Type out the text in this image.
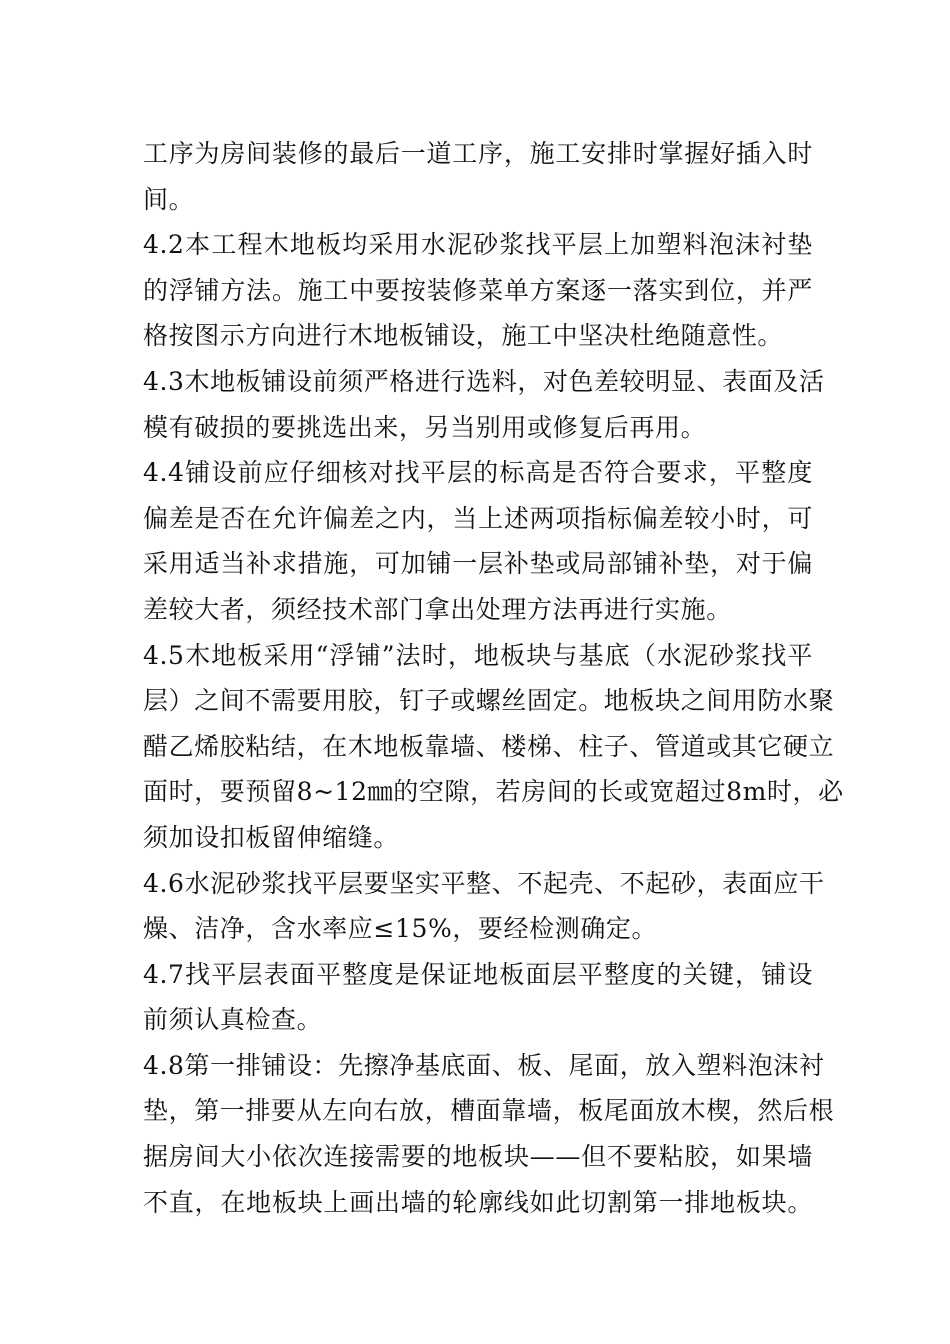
工序为房间装修的最后一道工序，施工安排时掌握好插入时
间。
4.2本工程木地板均采用水泥砂浆找平层上加塑料泡沫衬垫
的浮铺方法。施工中要按装修菜单方案逐一落实到位，并严
格按图示方向进行木地板铺设，施工中坚决杜绝随意性。
4.3木地板铺设前须严格进行选料，对色差较明显、表面及活
模有破损的要挑选出来，另当别用或修复后再用。
4.4铺设前应仔细核对找平层的标高是否符合要求，平整度
偏差是否在允许偏差之内，当上述两项指标偏差较小时，可
采用适当补求措施，可加铺一层补垫或局部铺补垫，对于偏
差较大者，须经技术部门拿出处理方法再进行实施。
4.5木地板采用“浮铺”法时，地板块与基底（水泥砂浆找平
层）之间不需要用胶，钉子或螺丝固定。地板块之间用防水聚
醋乙烯胶粘结，在木地板靠墙、楼梯、柱子、管道或其它硬立
面时，要预留8~12㎜的空隙，若房间的长或宽超过8m时，必
须加设扣板留伸缩缝。
4.6水泥砂浆找平层要坚实平整、不起壳、不起砂，表面应干
燥、洁净，含水率应≤15%，要经检测确定。
4.7找平层表面平整度是保证地板面层平整度的关键，铺设
前须认真检查。
4.8第一排铺设：先擦净基底面、板、尾面，放入塑料泡沫衬
垫，第一排要从左向右放，槽面靠墙，板尾面放木楔，然后根
据房间大小依次连接需要的地板块——但不要粘胶，如果墙
不直，在地板块上画出墙的轮廓线如此切割第一排地板块。
